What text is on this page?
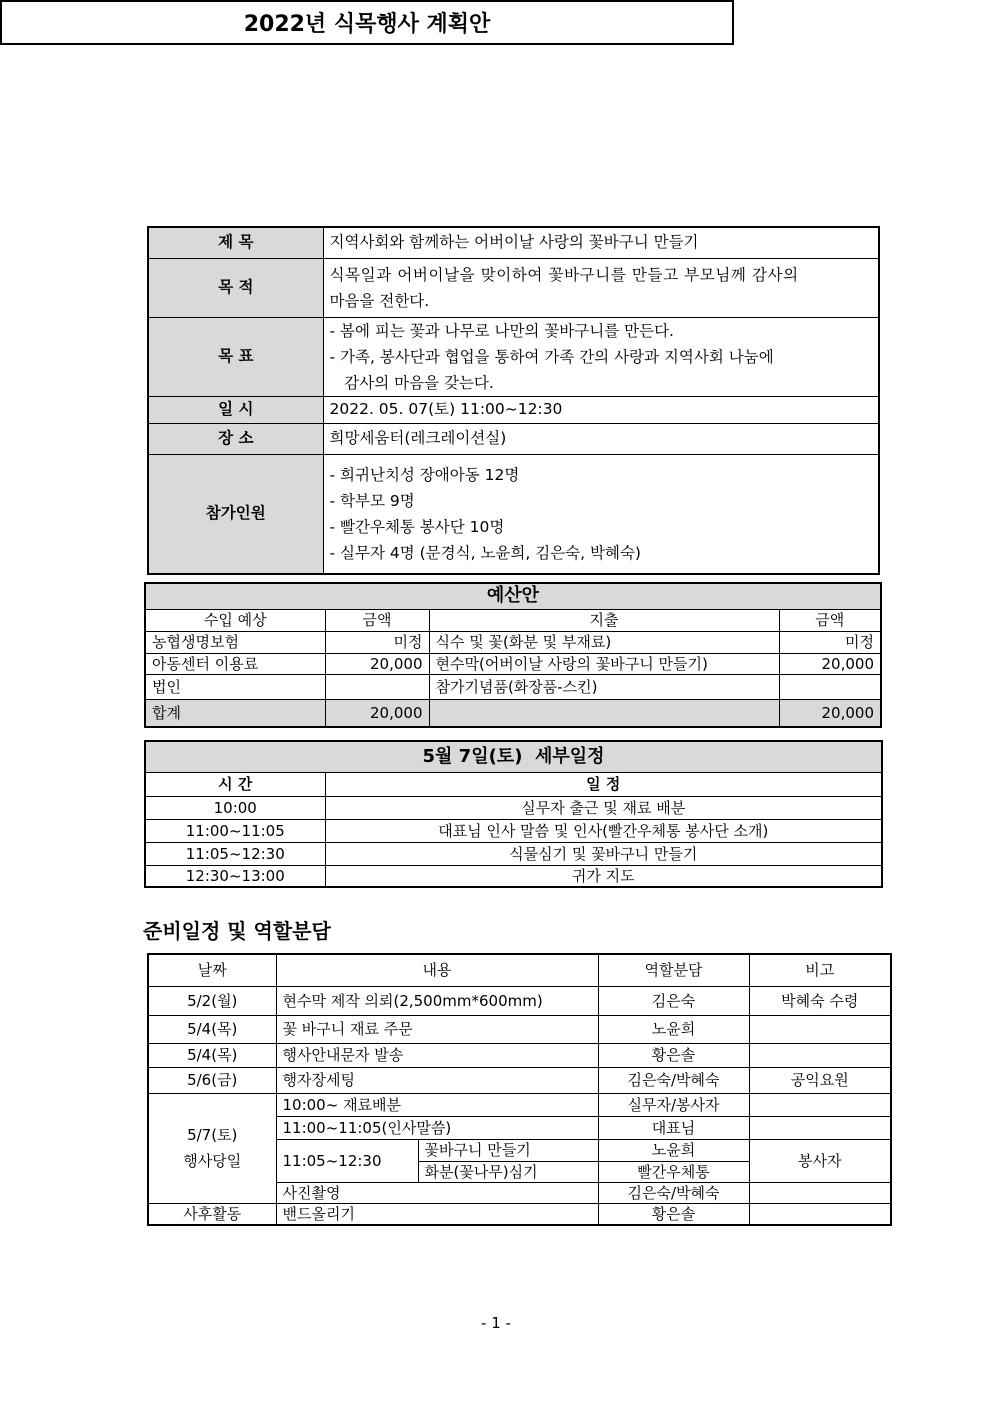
2022년 식목행사 계획안
제 목	지역사회와 함께하는 어버이날 사랑의 꽃바구니 만들기
목 적	식목일과 어버이날을 맞이하여 꽃바구니를 만들고 부모님께 감사의
마음을 전한다.

목 표	- 봄에 피는 꽃과 나무로 나만의 꽃바구니를 만든다.
- 가족, 봉사단과 협업을 통하여 가족 간의 사랑과 지역사회 나눔에
감사의 마음을 갖는다.

일 시	2022. 05. 07(토) 11:00~12:30
장 소	희망세움터(레크레이션실)
참가인원	- 희귀난치성 장애아동 12명
- 학부모 9명
- 빨간우체통 봉사단 10명
- 실무자 4명 (문경식, 노윤희, 김은숙, 박혜숙)
예산안			
수입 예상	금액	지출	금액
농협생명보험	미정	식수 및 꽃(화분 및 부재료)	미정
아동센터 이용료	20,000	현수막(어버이날 사랑의 꽃바구니 만들기)	20,000
법인		참가기념품(화장품-스킨)	
합계	20,000		20,000
5월 7일(토)  세부일정	
시 간	일 정
10:00	실무자 출근 및 재료 배분
11:00~11:05	대표님 인사 말씀 및 인사(빨간우체통 봉사단 소개)
11:05~12:30	식물심기 및 꽃바구니 만들기
12:30~13:00	귀가 지도
준비일정 및 역할분담
날짜	내용		역할분담	비고
5/2(월)	현수막 제작 의뢰(2,500mm*600mm)		김은숙	박혜숙 수령
5/4(목)	꽃 바구니 재료 주문		노윤희	
5/4(목)	행사안내문자 발송		황은솔	
5/6(금)	행자장세팅		김은숙/박혜숙	공익요원

5/7(토)
행사당일	10:00~ 재료배분		실무자/봉사자	
	11:00~11:05(인사말씀)		대표님	
	11:05~12:30	꽃바구니 만들기	노윤희	봉사자
		화분(꽃나무)심기	빨간우체통	
	사진촬영		김은숙/박혜숙	

사후활동	밴드올리기		황은솔	
- 1 -
